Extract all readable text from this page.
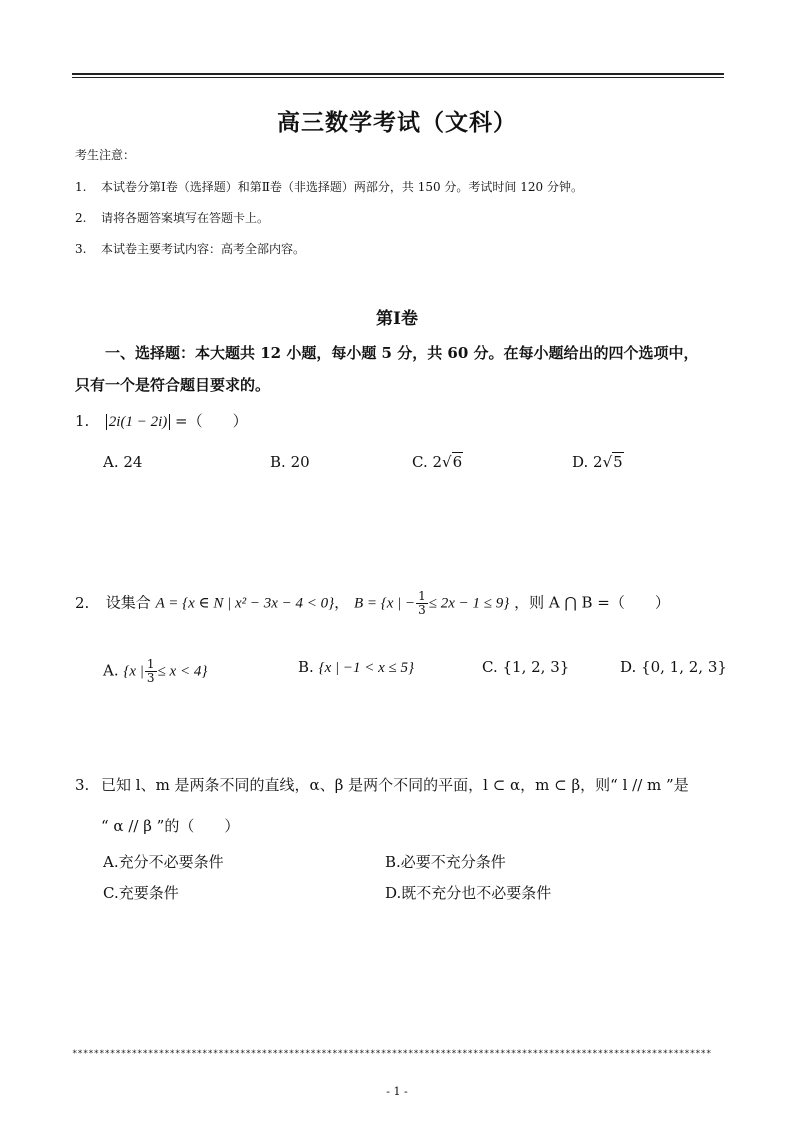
高三数学考试（文科）
考生注意：
1. 本试卷分第Ⅰ卷（选择题）和第Ⅱ卷（非选择题）两部分，共 150 分。考试时间 120 分钟。
2. 请将各题答案填写在答题卡上。
3. 本试卷主要考试内容：高考全部内容。
第Ⅰ卷
一、选择题：本大题共 12 小题，每小题 5 分，共 60 分。在每小题给出的四个选项中，
只有一个是符合题目要求的。
1. 2i(1 − 2i) =（　　）
A. 24	B. 20	C. 2√6	D. 2√5
2. 设集合 A = {x ∈ N | x² − 3x − 4 < 0}， B = {x | − $\frac{1}{3} \le 2x - 1 \le 9$} ，则 A ⋂ B =（　　）
A. {x | $\frac{1}{3} \le x < 4$}	B. {x | −1 < x ≤ 5}	C. {1, 2, 3}	D. {0, 1, 2, 3}
3. 已知 l、m 是两条不同的直线，α、β 是两个不同的平面，l ⊂ α，m ⊂ β，则“ l // m ”是
“ α // β ”的（　　）
A.充分不必要条件	B.必要不充分条件
C.充要条件	D.既不充分也不必要条件
**********************************************************************************************************************
- 1 -
